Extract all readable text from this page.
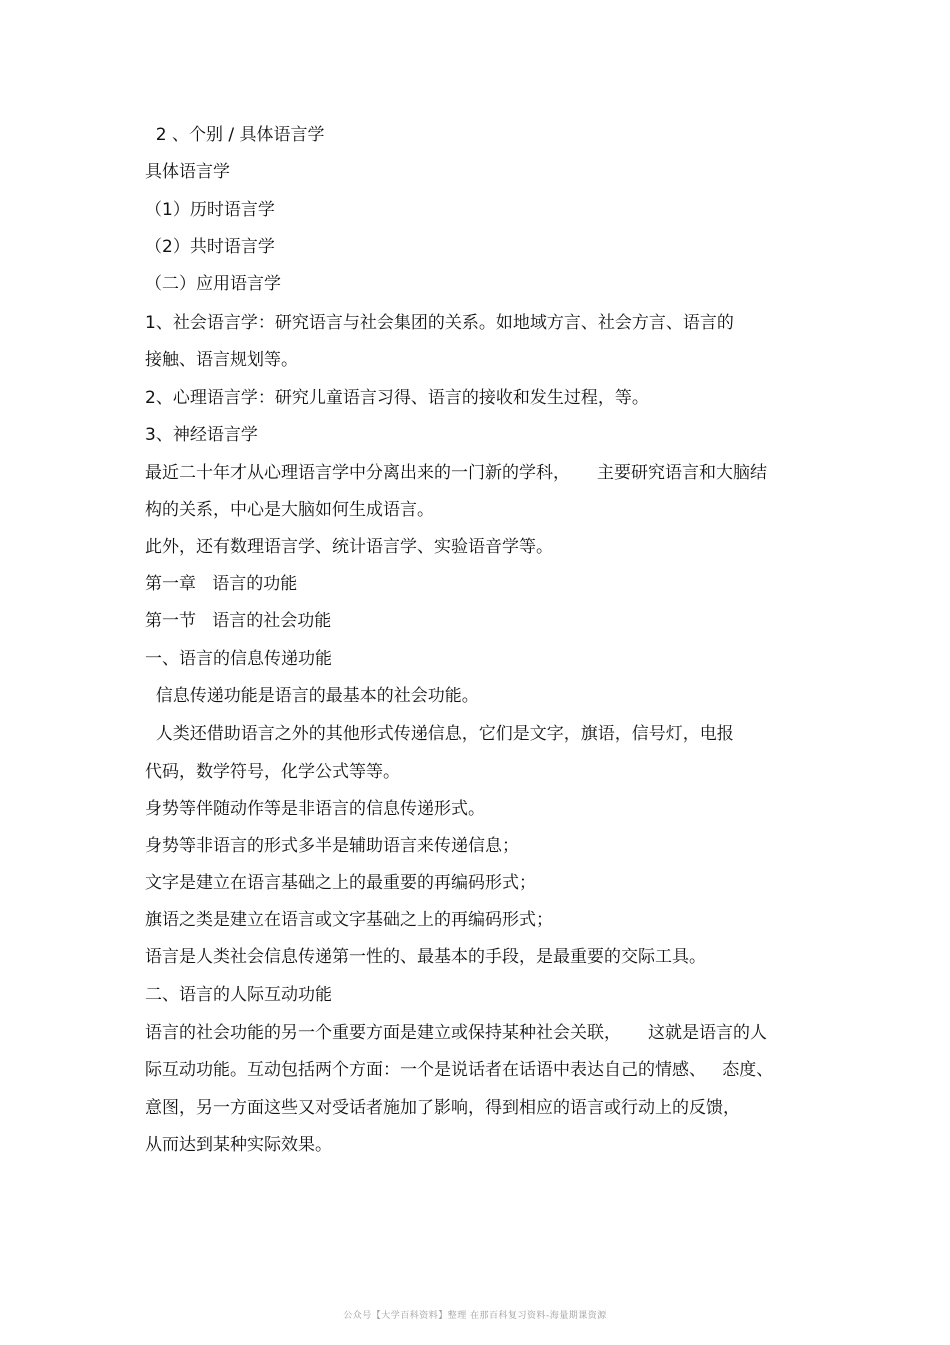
2 、个别 / 具体语言学
具体语言学
（1）历时语言学
（2）共时语言学
（二）应用语言学
1、社会语言学：研究语言与社会集团的关系。如地域方言、社会方言、语言的
接触、语言规划等。
2、心理语言学：研究儿童语言习得、语言的接收和发生过程，等。
3、神经语言学
最近二十年才从心理语言学中分离出来的一门新的学科，     主要研究语言和大脑结
构的关系，中心是大脑如何生成语言。
此外，还有数理语言学、统计语言学、实验语音学等。
第一章   语言的功能
第一节   语言的社会功能
一、语言的信息传递功能
信息传递功能是语言的最基本的社会功能。
人类还借助语言之外的其他形式传递信息，它们是文字，旗语，信号灯，电报
代码，数学符号，化学公式等等。
身势等伴随动作等是非语言的信息传递形式。
身势等非语言的形式多半是辅助语言来传递信息；
文字是建立在语言基础之上的最重要的再编码形式；
旗语之类是建立在语言或文字基础之上的再编码形式；
语言是人类社会信息传递第一性的、最基本的手段，是最重要的交际工具。
二、语言的人际互动功能
语言的社会功能的另一个重要方面是建立或保持某种社会关联，     这就是语言的人
际互动功能。互动包括两个方面：一个是说话者在话语中表达自己的情感、   态度、
意图，另一方面这些又对受话者施加了影响，得到相应的语言或行动上的反馈，
从而达到某种实际效果。
公众号【大学百科资料】整理 在那百科复习资料-海量期课资源
